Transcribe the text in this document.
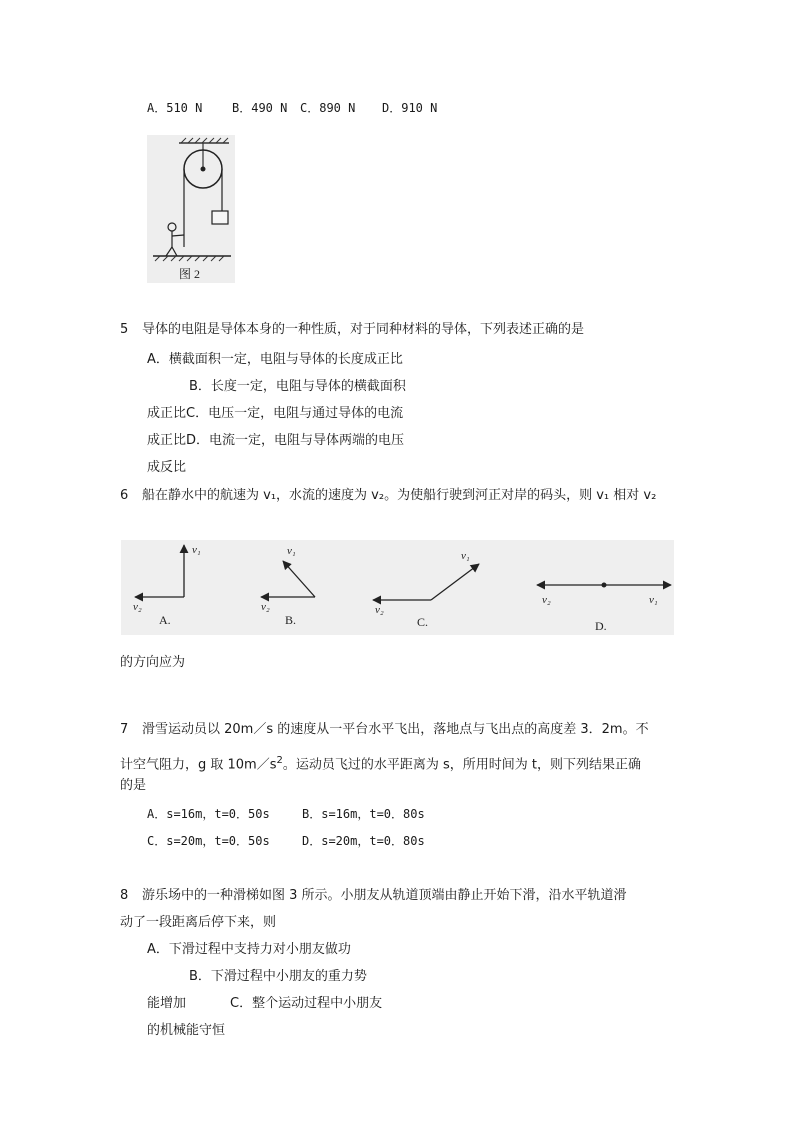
A．510 N B．490 N C．890 N D．910 N
图 2
5 导体的电阻是导体本身的一种性质，对于同种材料的导体，下列表述正确的是
A．横截面积一定，电阻与导体的长度成正比
B．长度一定，电阻与导体的横截面积
成正比C．电压一定，电阻与通过导体的电流
成正比D．电流一定，电阻与导体两端的电压
成反比
6 船在静水中的航速为 v₁，水流的速度为 v₂。为使船行驶到河正对岸的码头，则 v₁ 相对 v₂
v₁
v₂
A.
v₁
v₂
B.
v₁
v₂
C.
v₁
v₂
D.
的方向应为
7 滑雪运动员以 20m／s 的速度从一平台水平飞出，落地点与飞出点的高度差 3．2m。不
计空气阻力，g 取 $10m/s^2$。运动员飞过的水平距离为 s，所用时间为 t，则下列结果正确
的是
A．s=16m，t=0．50s	B．s=16m，t=0．80s
C．s=20m，t=0．50s	D．s=20m，t=0．80s
8 游乐场中的一种滑梯如图 3 所示。小朋友从轨道顶端由静止开始下滑，沿水平轨道滑
动了一段距离后停下来，则
A．下滑过程中支持力对小朋友做功
B．下滑过程中小朋友的重力势
能增加	C．整个运动过程中小朋友
的机械能守恒
